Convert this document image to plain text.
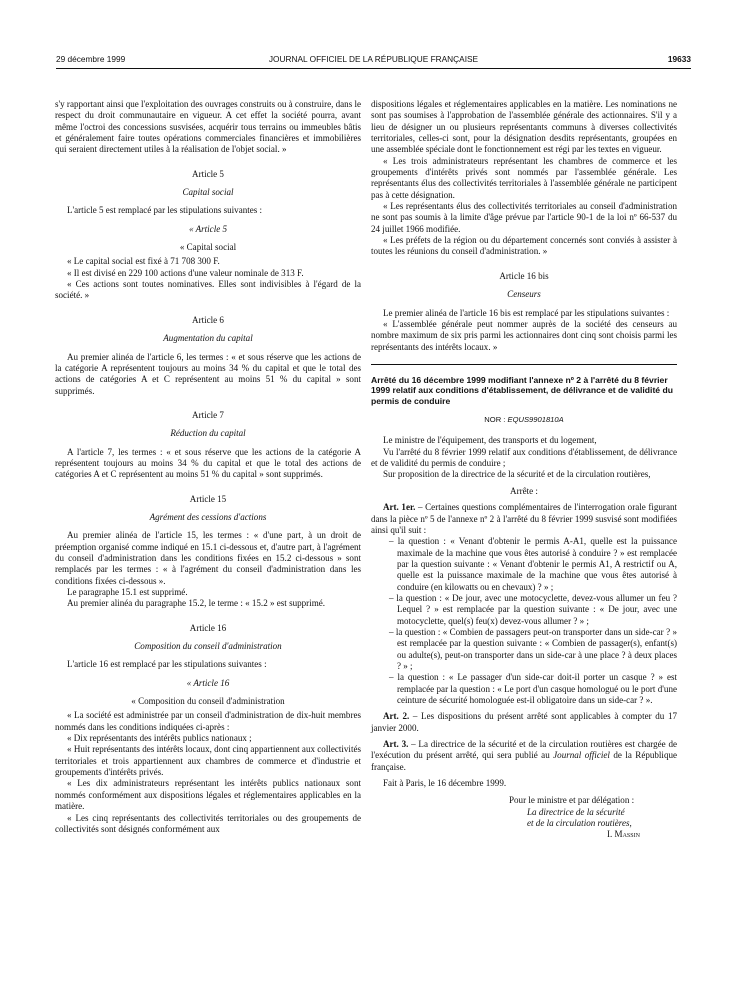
29 décembre 1999	JOURNAL OFFICIEL DE LA RÉPUBLIQUE FRANÇAISE	19633

s'y rapportant ainsi que l'exploitation des ouvrages construits ou à construire, dans le respect du droit communautaire en vigueur. A cet effet la société pourra, avant même l'octroi des concessions susvisées, acquérir tous terrains ou immeubles bâtis et généralement faire toutes opérations commerciales financières et immobilières qui seraient directement utiles à la réalisation de l'objet social. »

Article 5
Capital social

L'article 5 est remplacé par les stipulations suivantes :

« Article 5
« Capital social

« Le capital social est fixé à 71 708 300 F.

« Il est divisé en 229 100 actions d'une valeur nominale de 313 F.

« Ces actions sont toutes nominatives. Elles sont indivisibles à l'égard de la société. »

Article 6
Augmentation du capital

Au premier alinéa de l'article 6, les termes : « et sous réserve que les actions de la catégorie A représentent toujours au moins 34 % du capital et que le total des actions de catégories A et C représentent au moins 51 % du capital » sont supprimés.

Article 7
Réduction du capital

A l'article 7, les termes : « et sous réserve que les actions de la catégorie A représentent toujours au moins 34 % du capital et que le total des actions de catégories A et C représentent au moins 51 % du capital » sont supprimés.

Article 15
Agrément des cessions d'actions

Au premier alinéa de l'article 15, les termes : « d'une part, à un droit de préemption organisé comme indiqué en 15.1 ci-dessous et, d'autre part, à l'agrément du conseil d'administration dans les conditions fixées en 15.2 ci-dessous » sont remplacés par les termes : « à l'agrément du conseil d'administration dans les conditions fixées ci-dessous ».

Le paragraphe 15.1 est supprimé.

Au premier alinéa du paragraphe 15.2, le terme : « 15.2 » est supprimé.

Article 16
Composition du conseil d'administration

L'article 16 est remplacé par les stipulations suivantes :

« Article 16
« Composition du conseil d'administration

« La société est administrée par un conseil d'administration de dix-huit membres nommés dans les conditions indiquées ci-après :

« Dix représentants des intérêts publics nationaux ;

« Huit représentants des intérêts locaux, dont cinq appartiennent aux collectivités territoriales et trois appartiennent aux chambres de commerce et d'industrie et groupements d'intérêts privés.

« Les dix administrateurs représentant les intérêts publics nationaux sont nommés conformément aux dispositions légales et réglementaires applicables en la matière.

« Les cinq représentants des collectivités territoriales ou des groupements de collectivités sont désignés conformément aux

dispositions légales et réglementaires applicables en la matière. Les nominations ne sont pas soumises à l'approbation de l'assemblée générale des actionnaires. S'il y a lieu de désigner un ou plusieurs représentants communs à diverses collectivités territoriales, celles-ci sont, pour la désignation desdits représentants, groupées en une assemblée spéciale dont le fonctionnement est régi par les textes en vigueur.

« Les trois administrateurs représentant les chambres de commerce et les groupements d'intérêts privés sont nommés par l'assemblée générale. Les représentants élus des collectivités territoriales à l'assemblée générale ne participent pas à cette désignation.

« Les représentants élus des collectivités territoriales au conseil d'administration ne sont pas soumis à la limite d'âge prévue par l'article 90-1 de la loi nº 66-537 du 24 juillet 1966 modifiée.

« Les préfets de la région ou du département concernés sont conviés à assister à toutes les réunions du conseil d'administration. »

Article 16 bis
Censeurs

Le premier alinéa de l'article 16 bis est remplacé par les stipulations suivantes :

« L'assemblée générale peut nommer auprès de la société des censeurs au nombre maximum de six pris parmi les actionnaires dont cinq sont choisis parmi les représentants des intérêts locaux. »

Arrêté du 16 décembre 1999 modifiant l'annexe nº 2 à l'arrêté du 8 février 1999 relatif aux conditions d'établissement, de délivrance et de validité du permis de conduire

NOR : EQUS9901810A

Le ministre de l'équipement, des transports et du logement,

Vu l'arrêté du 8 février 1999 relatif aux conditions d'établissement, de délivrance et de validité du permis de conduire ;

Sur proposition de la directrice de la sécurité et de la circulation routières,

Arrête :

Art. 1er. – Certaines questions complémentaires de l'interrogation orale figurant dans la pièce nº 5 de l'annexe nº 2 à l'arrêté du 8 février 1999 susvisé sont modifiées ainsi qu'il suit :

– la question : « Venant d'obtenir le permis A-A1, quelle est la puissance maximale de la machine que vous êtes autorisé à conduire ? » est remplacée par la question suivante : « Venant d'obtenir le permis A1, A restrictif ou A, quelle est la puissance maximale de la machine que vous êtes autorisé à conduire (en kilowatts ou en chevaux) ? » ;

– la question : « De jour, avec une motocyclette, devez-vous allumer un feu ? Lequel ? » est remplacée par la question suivante : « De jour, avec une motocyclette, quel(s) feu(x) devez-vous allumer ? » ;

– la question : « Combien de passagers peut-on transporter dans un side-car ? » est remplacée par la question suivante : « Combien de passager(s), enfant(s) ou adulte(s), peut-on transporter dans un side-car à une place ? à deux places ? » ;

– la question : « Le passager d'un side-car doit-il porter un casque ? » est remplacée par la question : « Le port d'un casque homologué ou le port d'une ceinture de sécurité homologuée est-il obligatoire dans un side-car ? ».

Art. 2. – Les dispositions du présent arrêté sont applicables à compter du 17 janvier 2000.

Art. 3. – La directrice de la sécurité et de la circulation routières est chargée de l'exécution du présent arrêté, qui sera publié au Journal officiel de la République française.

Fait à Paris, le 16 décembre 1999.

Pour le ministre et par délégation :
La directrice de la sécurité
et de la circulation routières,
I. Massin
